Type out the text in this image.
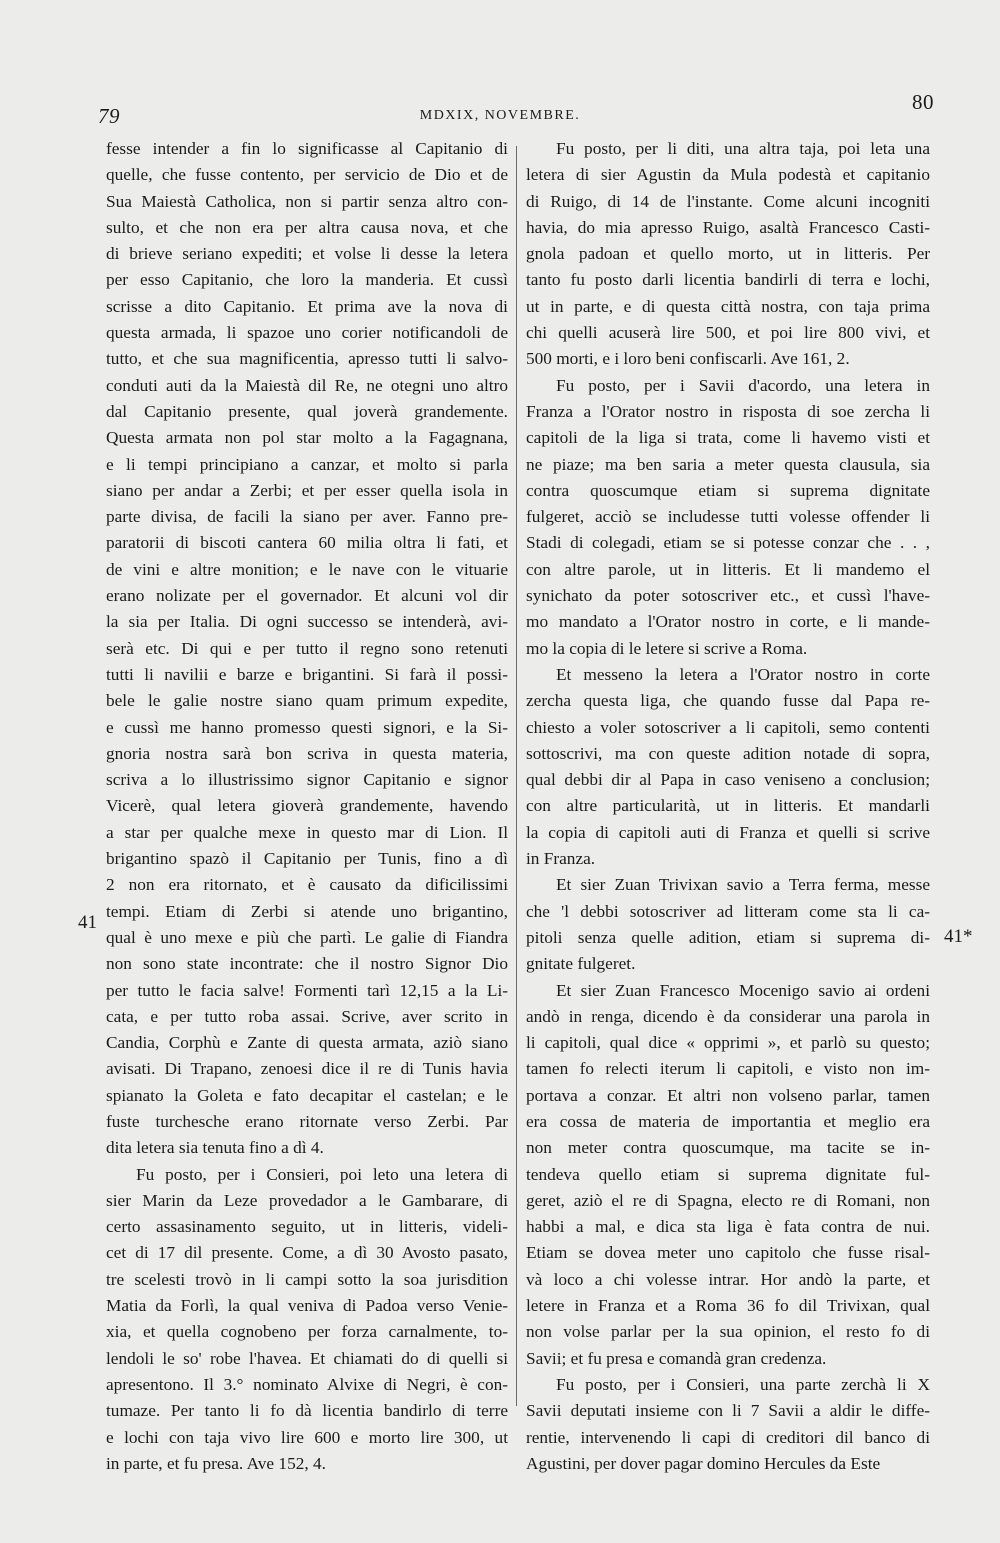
79	MDXIX, NOVEMBRE.
80
41
41*
fesse intender a fin lo significasse al Capitanio di
quelle, che fusse contento, per servicio de Dio et de
Sua Maiestà Catholica, non si partir senza altro con-
sulto, et che non era per altra causa nova, et che
di brieve seriano expediti; et volse li desse la letera
per esso Capitanio, che loro la manderia. Et cussì
scrisse a dito Capitanio. Et prima ave la nova di
questa armada, li spazoe uno corier notificandoli de
tutto, et che sua magnificentia, apresso tutti li salvo-
conduti auti da la Maiestà dil Re, ne otegni uno altro
dal Capitanio presente, qual joverà grandemente.
Questa armata non pol star molto a la Fagagnana,
e li tempi principiano a canzar, et molto si parla
siano per andar a Zerbi; et per esser quella isola in
parte divisa, de facili la siano per aver. Fanno pre-
paratorii di biscoti cantera 60 milia oltra li fati, et
de vini e altre monition; e le nave con le vituarie
erano nolizate per el governador. Et alcuni vol dir
la sia per Italia. Di ogni successo se intenderà, avi-
serà etc. Di qui e per tutto il regno sono retenuti
tutti li navilii e barze e brigantini. Si farà il possi-
bele le galie nostre siano quam primum expedite,
e cussì me hanno promesso questi signori, e la Si-
gnoria nostra sarà bon scriva in questa materia,
scriva a lo illustrissimo signor Capitanio e signor
Vicerè, qual letera gioverà grandemente, havendo
a star per qualche mexe in questo mar di Lion. Il
brigantino spazò il Capitanio per Tunis, fino a dì
2 non era ritornato, et è causato da dificilissimi
tempi. Etiam di Zerbi si atende uno brigantino,
qual è uno mexe e più che partì. Le galie di Fiandra
non sono state incontrate: che il nostro Signor Dio
per tutto le facia salve! Formenti tarì 12,15 a la Li-
cata, e per tutto roba assai. Scrive, aver scrito in
Candia, Corphù e Zante di questa armata, aziò siano
avisati. Di Trapano, zenoesi dice il re di Tunis havia
spianato la Goleta e fato decapitar el castelan; e le
fuste turchesche erano ritornate verso Zerbi. Par
dita letera sia tenuta fino a dì 4.
Fu posto, per i Consieri, poi leto una letera di
sier Marin da Leze provedador a le Gambarare, di
certo assasinamento seguito, ut in litteris, videli-
cet di 17 dil presente. Come, a dì 30 Avosto pasato,
tre scelesti trovò in li campi sotto la soa jurisdition
Matia da Forlì, la qual veniva di Padoa verso Venie-
xia, et quella cognobeno per forza carnalmente, to-
lendoli le so' robe l'havea. Et chiamati do di quelli si
apresentono. Il 3.° nominato Alvixe di Negri, è con-
tumaze. Per tanto li fo dà licentia bandirlo di terre
e lochi con taja vivo lire 600 e morto lire 300, ut
in parte, et fu presa. Ave 152, 4.
Fu posto, per li diti, una altra taja, poi leta una
letera di sier Agustin da Mula podestà et capitanio
di Ruigo, di 14 de l'instante. Come alcuni incogniti
havia, do mia apresso Ruigo, asaltà Francesco Casti-
gnola padoan et quello morto, ut in litteris. Per
tanto fu posto darli licentia bandirli di terra e lochi,
ut in parte, e di questa città nostra, con taja prima
chi quelli acuserà lire 500, et poi lire 800 vivi, et
500 morti, e i loro beni confiscarli. Ave 161, 2.
Fu posto, per i Savii d'acordo, una letera in
Franza a l'Orator nostro in risposta di soe zercha li
capitoli de la liga si trata, come li havemo visti et
ne piaze; ma ben saria a meter questa clausula, sia
contra quoscumque etiam si suprema dignitate
fulgeret, acciò se includesse tutti volesse offender li
Stadi di colegadi, etiam se si potesse conzar che . . ,
con altre parole, ut in litteris. Et li mandemo el
synichato da poter sotoscriver etc., et cussì l'have-
mo mandato a l'Orator nostro in corte, e li mande-
mo la copia di le letere si scrive a Roma.
Et messeno la letera a l'Orator nostro in corte
zercha questa liga, che quando fusse dal Papa re-
chiesto a voler sotoscriver a li capitoli, semo contenti
sottoscrivi, ma con queste adition notade di sopra,
qual debbi dir al Papa in caso veniseno a conclusion;
con altre particularità, ut in litteris. Et mandarli
la copia di capitoli auti di Franza et quelli si scrive
in Franza.
Et sier Zuan Trivixan savio a Terra ferma, messe
che 'l debbi sotoscriver ad litteram come sta li ca-
pitoli senza quelle adition, etiam si suprema di-
gnitate fulgeret.
Et sier Zuan Francesco Mocenigo savio ai ordeni
andò in renga, dicendo è da considerar una parola in
li capitoli, qual dice « opprimi », et parlò su questo;
tamen fo relecti iterum li capitoli, e visto non im-
portava a conzar. Et altri non volseno parlar, tamen
era cossa de materia de importantia et meglio era
non meter contra quoscumque, ma tacite se in-
tendeva quello etiam si suprema dignitate ful-
geret, aziò el re di Spagna, electo re di Romani, non
habbi a mal, e dica sta liga è fata contra de nui.
Etiam se dovea meter uno capitolo che fusse risal-
và loco a chi volesse intrar. Hor andò la parte, et
letere in Franza et a Roma 36 fo dil Trivixan, qual
non volse parlar per la sua opinion, el resto fo di
Savii; et fu presa e comandà gran credenza.
Fu posto, per i Consieri, una parte zerchà li X
Savii deputati insieme con li 7 Savii a aldir le diffe-
rentie, intervenendo li capi di creditori dil banco di
Agustini, per dover pagar domino Hercules da Este
